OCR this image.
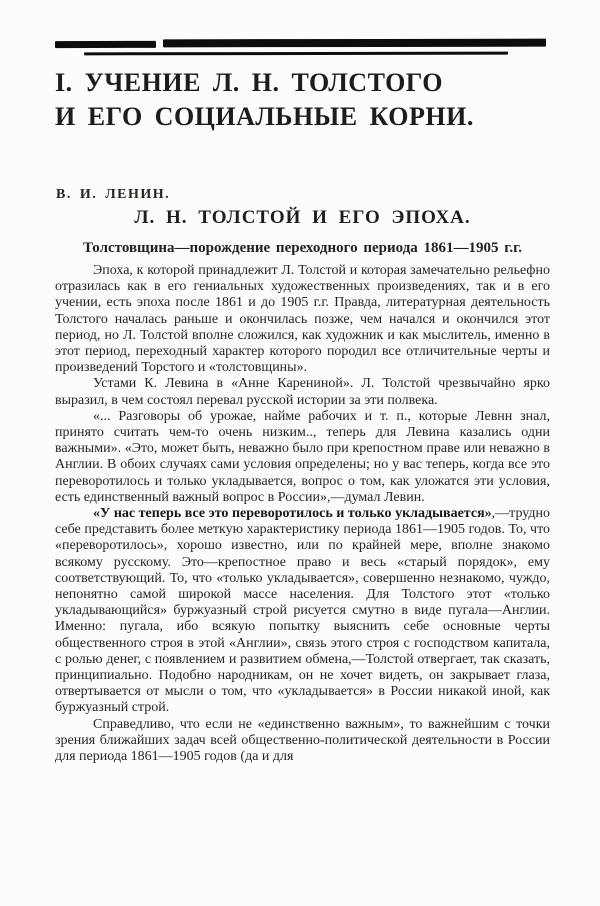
I. УЧЕНИЕ Л. Н. ТОЛСТОГО
И ЕГО СОЦИАЛЬНЫЕ КОРНИ.
В. И. ЛЕНИН.
Л. Н. ТОЛСТОЙ И ЕГО ЭПОХА.
Толстовщина—порождение переходного периода 1861—1905 г.г.

Эпоха, к которой принадлежит Л. Толстой и которая замечательно рельефно отразилась как в его гениальных художественных произведениях, так и в его учении, есть эпоха после 1861 и до 1905 г.г. Правда, литературная деятельность Толстого началась раньше и окончилась позже, чем начался и окончился этот период, но Л. Толстой вполне сложился, как художник и как мыслитель, именно в этот период, переходный характер которого породил все отличительные черты и произведений Торстого и «толстовщины».

Устами К. Левина в «Анне Карениной». Л. Толстой чрезвычайно ярко выразил, в чем состоял перевал русской истории за эти полвека.

«... Разговоры об урожае, найме рабочих и т. п., которые Левнн знал, принято считать чем-то очень низким.., теперь для Левина казались одни важными». «Это, может быть, неважно было при крепостном праве или неважно в Англии. В обоих случаях сами условия определены; но у вас теперь, когда все это переворотилось и только укладывается, вопрос о том, как уложатся эти условия, есть единственный важный вопрос в России»,—думал Левин.

«У нас теперь все это переворотилось и только укладывается»,—трудно себе представить более меткую характеристику периода 1861—1905 годов. То, что «переворотилось», хорошо известно, или по крайней мере, вполне знакомо всякому русскому. Это—крепостное право и весь «старый порядок», ему соответствующий. То, что «только укладывается», совершенно незнакомо, чуждо, непонятно самой широкой массе населения. Для Толстого этот «только укладывающийся» буржуазный строй рисуется смутно в виде пугала—Англии. Именно: пугала, ибо всякую попытку выяснить себе основные черты общественного строя в этой «Англии», связь этого строя с господством капитала, с ролью денег, с появлением и развитием обмена,—Толстой отвергает, так сказать, принципиально. Подобно народникам, он не хочет видеть, он закрывает глаза, отвертывается от мысли о том, что «укладывается» в России никакой иной, как буржуазный строй.

Справедливо, что если не «единственно важным», то важнейшим с точки зрения ближайших задач всей общественно-политической деятельности в России для периода 1861—1905 годов (да и для
